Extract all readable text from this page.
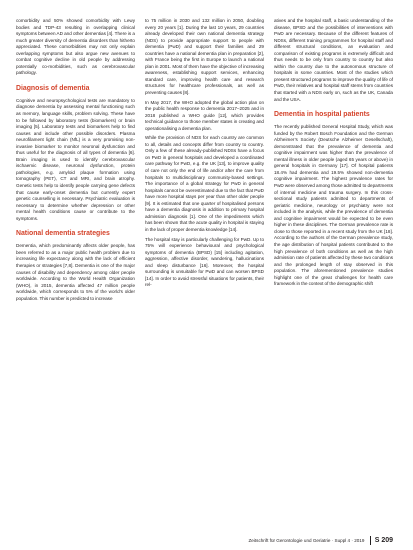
comorbidity and 50% showed comorbidity with Lewy bodies and TDP-43 resulting in overlapping clinical symptoms between AD and other dementias [4]. There is a much greater diversity of dementia disorders than hitherto appreciated. These comorbidities may not only explain overlapping symptoms but also argue new avenues to combat cognitive decline in old people by addressing potentially co-morbidities, such as cerebrovascular pathology.

Diagnosis of dementia

Cognitive and neuropsychological tests are mandatory to diagnose dementia by assessing mental functioning such as memory, language skills, problem solving. These have to be followed by laboratory tests (biomarkers) or brain imaging [5]. Laboratory tests and biomarkers help to find causes and include other possible disorders. Plasma neurofilament light chain (NfL) is a very promising non-invasive biomarker to monitor neuronal dysfunction and thus useful for the diagnosis of all types of dementia [6]. Brain imaging is used to identify cerebrovascular ischaemic disease, neuronal dysfunction, protein pathologies, e.g. amyloid plaque formation using tomography (PET), CT and MRI, and brain atrophy. Genetic tests help to identify people carrying gene defects that cause early-onset dementia but currently expert genetic counselling is necessary. Psychiatric evaluation is necessary to determine whether depression or other mental health conditions cause or contribute to the symptoms.

National dementia strategies

Dementia, which predominantly affects older people, has been referred to as a major public health problem due to increasing life expectancy along with the lack of efficient therapies or strategies [7,8]. Dementia is one of the major causes of disability and dependency among older people worldwide. According to the World Health Organization (WHO), in 2015, dementia affected 47 million people worldwide, which corresponds to 5% of the world’s older population. This number is predicted to increase

to 75 million in 2030 and 132 million in 2050, doubling every 20 years [1]. During the last 10 years, 29 countries already developed their own national dementia strategy (NDS) to provide appropriate support to people with dementia (PwD) and support their families and 29 countries have a national dementia plan in preparation [2], with France being the first in Europe to launch a national plan in 2001. Most of them have the objective of increasing awareness, establishing support services, enhancing standard care, improving health care and research structures for healthcare professionals, as well as preventing causes [8].

In May 2017, the WHO adopted the global action plan on the public health response to dementia 2017–2025 and in 2018 published a WHO guide [12], which provides technical guidance to those member states in creating and operationalising a dementia plan.

While the provision of NDS for each country are common to all, details and concepts differ from country to country. Only a few of these already-published NDSs have a focus on PwD in general hospitals and developed a coordinated care pathway for PwD, e.g. the UK [13], to improve quality of care not only the end of life and/or after the care from hospitals to multidisciplinary community-based settings. The importance of a global strategy for PwD in general hospitals cannot be overestimated due to the fact that PwD have more hospital stays per year than other older people [9]. It is estimated that one quarter of hospitalised persons have a dementia diagnosis in addition to primary hospital admission diagnosis [1]. One of the impediments which has been shown that the acute quality in hospital is staying in the lack of proper dementia knowledge [14].

The hospital stay is particularly challenging for PwD. Up to 75% will experience behavioural and psychological symptoms of dementia (BPSD) [15] including agitation, aggression, affective disorder, wandering, hallucinations and sleep disturbance [16]. Moreover, the hospital surrounding is unsuitable for PwD and can worsen BPSD [14]. In order to avoid stressful situations for patients, their rel-

atives and the hospital staff, a basic understanding of the disease, BPSD and the possibilities of interventions with PwD are necessary. Because of the different features of NDSs, different training programmes for hospital staff and different structural conditions, an evaluation and comparison of existing programs is extremely difficult and thus needs to be only from country to country but also within the country due to the autonomous structure of hospitals in some countries. Most of the studies which present structured programs to improve the quality of life of PwD, their relatives and hospital staff stems from countries that started with a NDS early on, such as the UK, Canada and the USA.

Dementia in hospital patients

The recently published General Hospital Study, which was funded by the Robert Bosch Foundation and the German Alzheimer’s Society (Deutsche Alzheimer Gesellschaft), demonstrated that the prevalence of dementia and cognitive impairment was higher than the prevalence of mental illness in older people (aged 65 years or above) in general hospitals in Germany [17]. Of hospital patients 18.4% had dementia and 19.5% showed non-dementia cognitive impairment. The highest prevalence rates for PwD were observed among those admitted to departments of internal medicine and trauma surgery. In this cross-sectional study patients admitted to departments of geriatric medicine, neurology or psychiatry were not included in the analysis, while the prevalence of dementia and cognitive impairment would be expected to be even higher in these disciplines. The German prevalence rate is close to those reported in a recent study from the UK [18]. According to the authors of the German prevalence study, the age distribution of hospital patients contributed to the high prevalence of both conditions as well as the high admission rate of patients affected by these two conditions and the prolonged length of stay observed in this population. The aforementioned prevalence studies highlight one of the great challenges for health care framework in the context of the demographic shift

Zeitschrift für Gerontologie und Geriatrie · Suppl 4 · 2019 S 209
